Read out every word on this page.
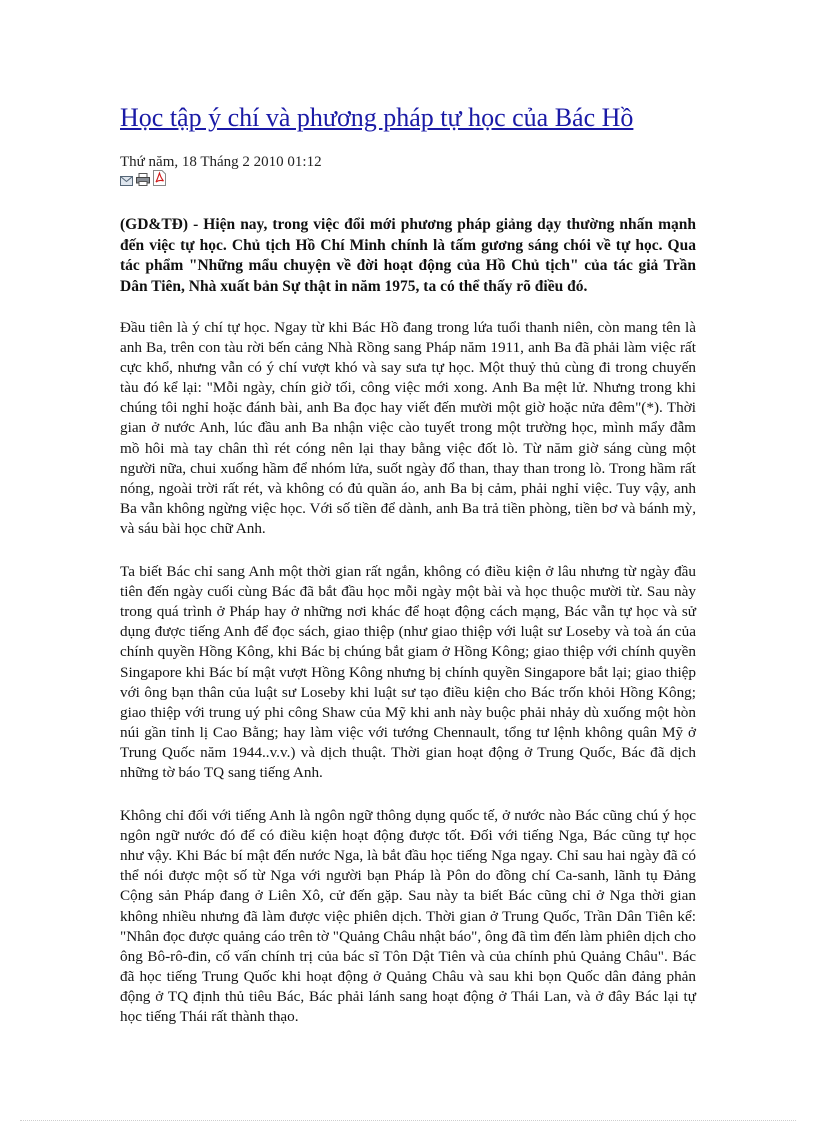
Học tập ý chí và phương pháp tự học của Bác Hồ
Thứ năm, 18 Tháng 2 2010 01:12

(GD&TĐ) - Hiện nay, trong việc đổi mới phương pháp giảng dạy thường nhấn mạnh đến việc tự học. Chủ tịch Hồ Chí Minh chính là tấm gương sáng chói về tự học. Qua tác phẩm "Những mẩu chuyện về đời hoạt động của Hồ Chủ tịch" của tác giả Trần Dân Tiên, Nhà xuất bản Sự thật in năm 1975, ta có thể thấy rõ điều đó.

Đầu tiên là ý chí tự học. Ngay từ khi Bác Hồ đang trong lứa tuổi thanh niên, còn mang tên là anh Ba, trên con tàu rời bến cảng Nhà Rồng sang Pháp năm 1911, anh Ba đã phải làm việc rất cực khổ, nhưng vẫn có ý chí vượt khó và say sưa tự học. Một thuỷ thủ cùng đi trong chuyến tàu đó kể lại: "Mỗi ngày, chín giờ tối, công việc mới xong. Anh Ba mệt lử. Nhưng trong khi chúng tôi nghỉ hoặc đánh bài, anh Ba đọc hay viết đến mười một giờ hoặc nửa đêm"(*). Thời gian ở nước Anh, lúc đầu anh Ba nhận việc cào tuyết trong một trường học, mình mẩy đẫm mồ hôi mà tay chân thì rét cóng nên lại thay bằng việc đốt lò. Từ năm giờ sáng cùng một người nữa, chui xuống hầm để nhóm lửa, suốt ngày đổ than, thay than trong lò. Trong hầm rất nóng, ngoài trời rất rét, và không có đủ quần áo, anh Ba bị cảm, phải nghỉ việc. Tuy vậy, anh Ba vẫn không ngừng việc học. Với số tiền để dành, anh Ba trả tiền phòng, tiền bơ và bánh mỳ, và sáu bài học chữ Anh.

Ta biết Bác chỉ sang Anh một thời gian rất ngắn, không có điều kiện ở lâu nhưng từ ngày đầu tiên đến ngày cuối cùng Bác đã bắt đầu học mỗi ngày một bài và học thuộc mười từ. Sau này trong quá trình ở Pháp hay ở những nơi khác để hoạt động cách mạng, Bác vẫn tự học và sử dụng được tiếng Anh để đọc sách, giao thiệp (như giao thiệp với luật sư Loseby và toà án của chính quyền Hồng Kông, khi Bác bị chúng bắt giam ở Hồng Kông; giao thiệp với chính quyền Singapore khi Bác bí mật vượt Hồng Kông nhưng bị chính quyền Singapore bắt lại; giao thiệp với ông bạn thân của luật sư Loseby khi luật sư tạo điều kiện cho Bác trốn khỏi Hồng Kông; giao thiệp với trung uý phi công Shaw của Mỹ khi anh này buộc phải nhảy dù xuống một hòn núi gần tỉnh lị Cao Bằng; hay làm việc với tướng Chennault, tổng tư lệnh không quân Mỹ ở Trung Quốc năm 1944..v.v.) và dịch thuật. Thời gian hoạt động ở Trung Quốc, Bác đã dịch những tờ báo TQ sang tiếng Anh.

Không chỉ đối với tiếng Anh là ngôn ngữ thông dụng quốc tế, ở nước nào Bác cũng chú ý học ngôn ngữ nước đó để có điều kiện hoạt động được tốt. Đối với tiếng Nga, Bác cũng tự học như vậy. Khi Bác bí mật đến nước Nga, là bắt đầu học tiếng Nga ngay. Chỉ sau hai ngày đã có thể nói được một số từ Nga với người bạn Pháp là Pôn do đồng chí Ca-sanh, lãnh tụ Đảng Cộng sản Pháp đang ở Liên Xô, cử đến gặp. Sau này ta biết Bác cũng chỉ ở Nga thời gian không nhiều nhưng đã làm được việc phiên dịch. Thời gian ở Trung Quốc, Trần Dân Tiên kể: "Nhân đọc được quảng cáo trên tờ "Quảng Châu nhật báo", ông đã tìm đến làm phiên dịch cho ông Bô-rô-đin, cố vấn chính trị của bác sĩ Tôn Dật Tiên và của chính phủ Quảng Châu". Bác đã học tiếng Trung Quốc khi hoạt động ở Quảng Châu và sau khi bọn Quốc dân đảng phản động ở TQ định thủ tiêu Bác, Bác phải lánh sang hoạt động ở Thái Lan, và ở đây Bác lại tự học tiếng Thái rất thành thạo.
